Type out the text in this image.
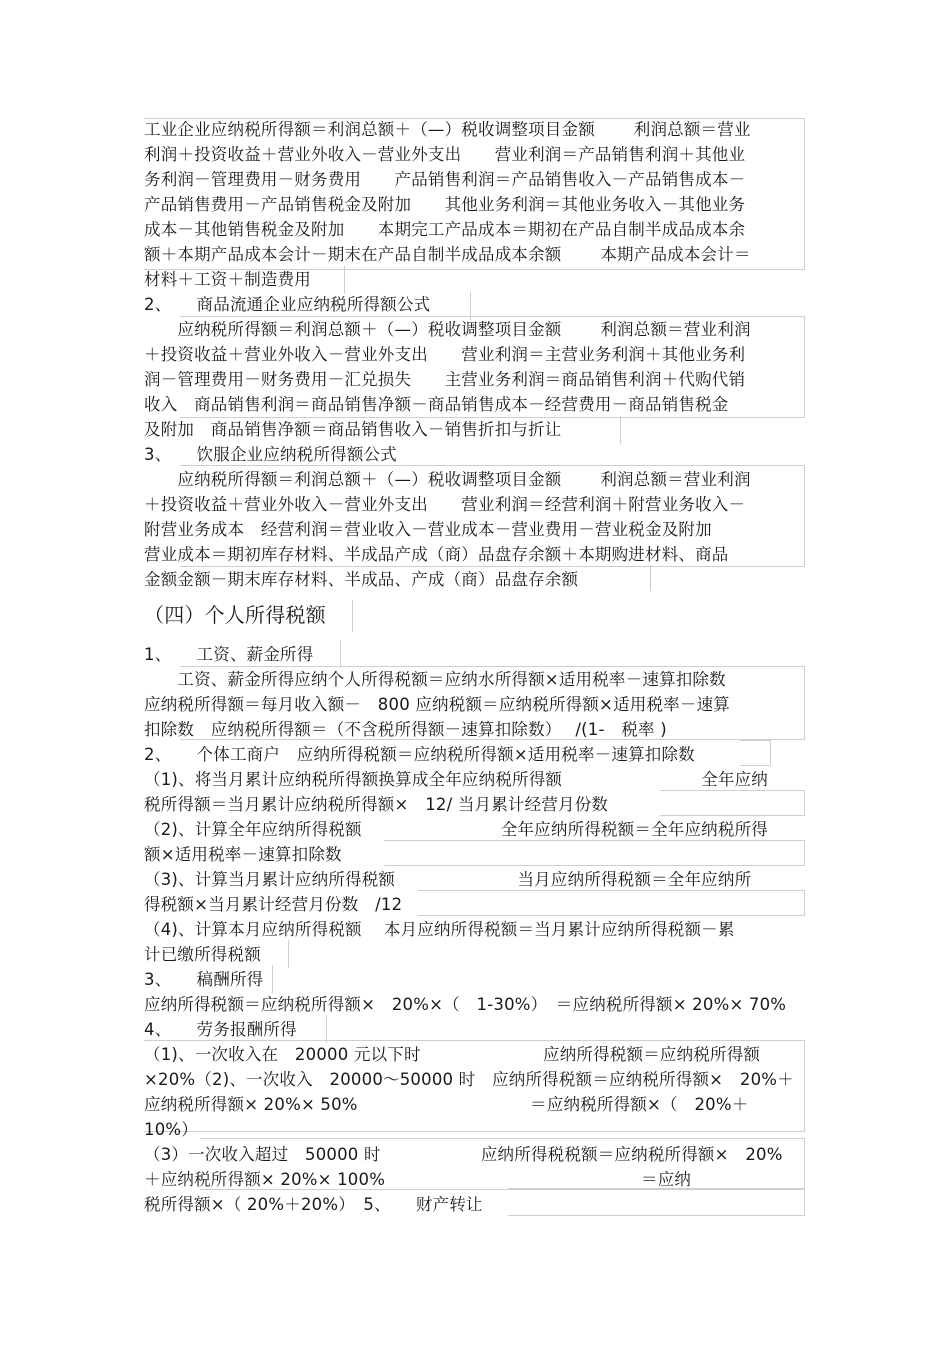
工业企业应纳税所得额＝利润总额＋（—）税收调整项目金额　　 利润总额＝营业
利润＋投资收益＋营业外收入－营业外支出　　营业利润＝产品销售利润＋其他业
务利润－管理费用－财务费用　　产品销售利润＝产品销售收入－产品销售成本－
产品销售费用－产品销售税金及附加　　其他业务利润＝其他业务收入－其他业务
成本－其他销售税金及附加　　本期完工产品成本＝期初在产品自制半成品成本余
额＋本期产品成本会计－期末在产品自制半成品成本余额　　 本期产品成本会计＝
材料＋工资＋制造费用
2、　　商品流通企业应纳税所得额公式
　　应纳税所得额＝利润总额＋（—）税收调整项目金额　　 利润总额＝营业利润
＋投资收益＋营业外收入－营业外支出　　营业利润＝主营业务利润＋其他业务利
润－管理费用－财务费用－汇兑损失　　主营业务利润＝商品销售利润＋代购代销
收入　商品销售利润＝商品销售净额－商品销售成本－经营费用－商品销售税金
及附加　商品销售净额＝商品销售收入－销售折扣与折让
3、　　饮服企业应纳税所得额公式
　　应纳税所得额＝利润总额＋（—）税收调整项目金额　　 利润总额＝营业利润
＋投资收益＋营业外收入－营业外支出　　营业利润＝经营利润＋附营业务收入－
附营业务成本　经营利润＝营业收入－营业成本－营业费用－营业税金及附加
营业成本＝期初库存材料、半成品产成（商）品盘存余额＋本期购进材料、商品
金额金额－期末库存材料、半成品、产成（商）品盘存余额
（四）个人所得税额
1、　　工资、薪金所得
　　工资、薪金所得应纳个人所得税额＝应纳水所得额×适用税率－速算扣除数
应纳税所得额＝每月收入额－　800 应纳税额＝应纳税所得额×适用税率－速算
扣除数　应纳税所得额＝（不含税所得额－速算扣除数）　 /(1-　税率 )
2、　　个体工商户　应纳所得税额＝应纳税所得额×适用税率－速算扣除数
（1)、将当月累计应纳税所得额换算成全年应纳税所得额　　　　　　　　 全年应纳
税所得额＝当月累计应纳税所得额×　12/ 当月累计经营月份数
（2)、计算全年应纳所得税额　　　　　　　　 全年应纳所得税额＝全年应纳税所得
额×适用税率－速算扣除数
（3)、计算当月累计应纳所得税额　　　　　　　 当月应纳所得税额＝全年应纳所
得税额×当月累计经营月份数　/12
（4)、计算本月应纳所得税额　 本月应纳所得税额＝当月累计应纳所得税额－累
计已缴所得税额
3、　　稿酬所得
应纳所得税额＝应纳税所得额×　20%×（　1-30%）　＝应纳税所得额× 20%× 70%
4、　　劳务报酬所得
（1)、一次收入在　20000 元以下时　　　　　　　 应纳所得税额＝应纳税所得额
×20%（2)、一次收入　20000～50000 时　应纳所得税额＝应纳税所得额×　20%＋
应纳税所得额× 20%× 50%　　　　　　　　　　 ＝应纳税所得额×（　20%＋
10%）
（3）一次收入超过　50000 时　　　　　　应纳所得税税额＝应纳税所得额×　20%
＋应纳税所得额× 20%× 100%　　　　　　　　　　　　　　　 ＝应纳
税所得额×（ 20%＋20%）　5、　　财产转让
